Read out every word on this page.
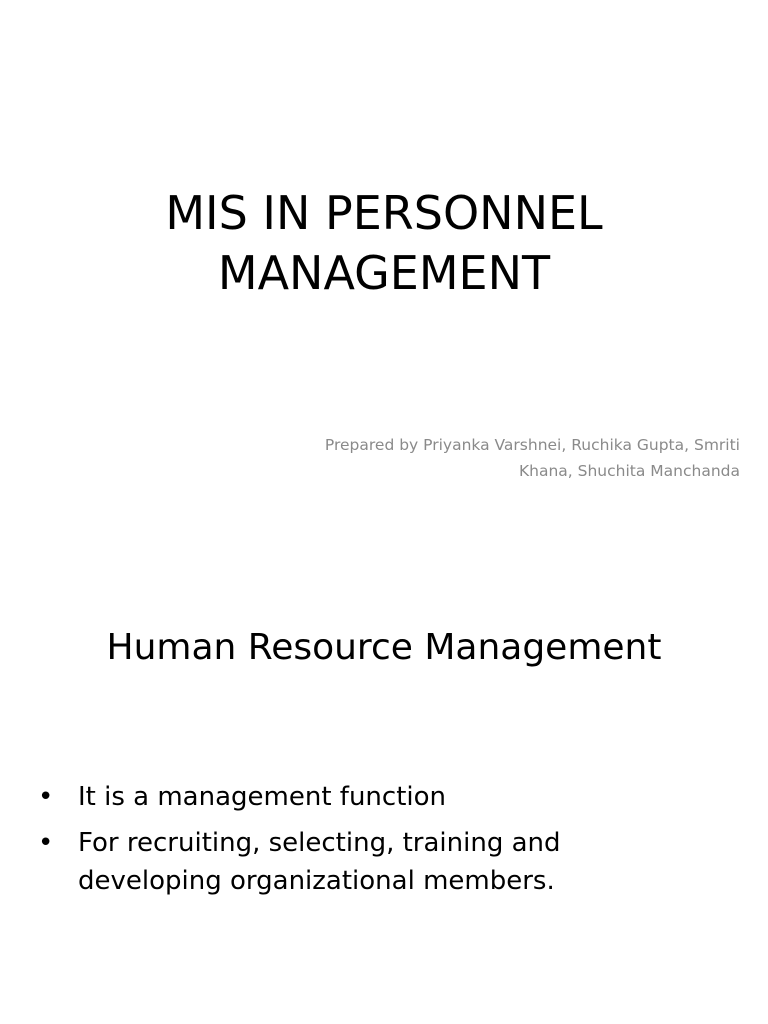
MIS IN PERSONNEL
MANAGEMENT

Prepared by Priyanka Varshnei, Ruchika Gupta, Smriti
Khana, Shuchita Manchanda

Human Resource Management
• It is a management function
• For recruiting, selecting, training and
developing organizational members.
